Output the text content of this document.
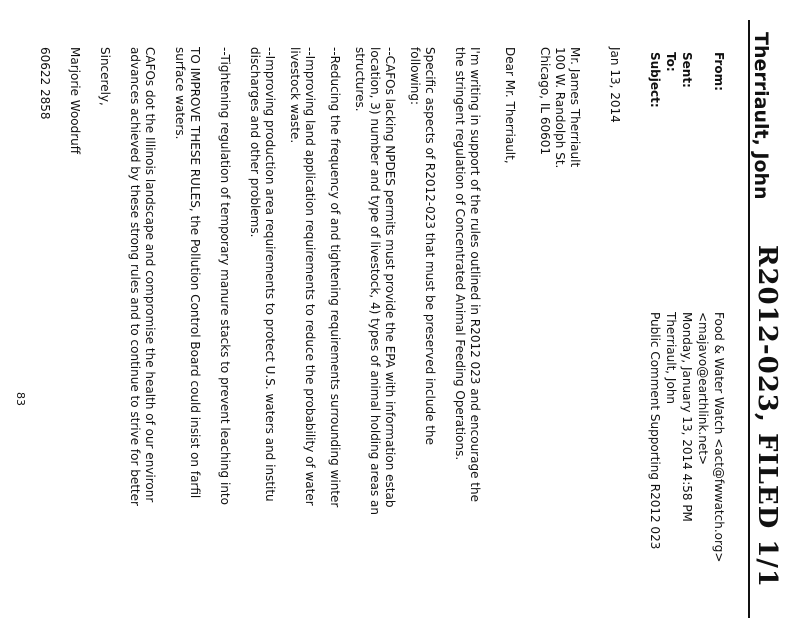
R2012-023, FILED 1/1
Therriault, John
From:
Food & Water Watch <act@fwwatch.org>
<majavo@earthlink.net>
Sent:
Monday, January 13, 2014 4:58 PM
To:
Therriault, John
Subject:
Public Comment Supporting R2012 023
Jan 13, 2014
Mr. James Therriault
100 W. Randolph St.
Chicago, IL 60601
Dear Mr. Therriault,
I'm writing in support of the rules outlined in R2012 023 and encourage the
the stringent regulation of Concentrated Animal Feeding Operations.
Specific aspects of R2012-023 that must be preserved include the
following:
--CAFOs lacking NPDES permits must provide the EPA with information estab
location, 3) number and type of livestock, 4) types of animal holding areas an
structures.
--Reducing the frequency of and tightening requirements surrounding winter
--Improving land application requirements to reduce the probability of water
livestock waste.
--Improving production area requirements to protect U.S. waters and institu
discharges and other problems.
--Tightening regulation of temporary manure stacks to prevent leaching into
TO IMPROVE THESE RULES, the Pollution Control Board could insist on farfil
surface waters.
CAFOs dot the Illinois landscape and compromise the health of our environr
advances achieved by these strong rules and to continue to strive for better
Sincerely,
Marjorie Woodruff
60622 2858
83
